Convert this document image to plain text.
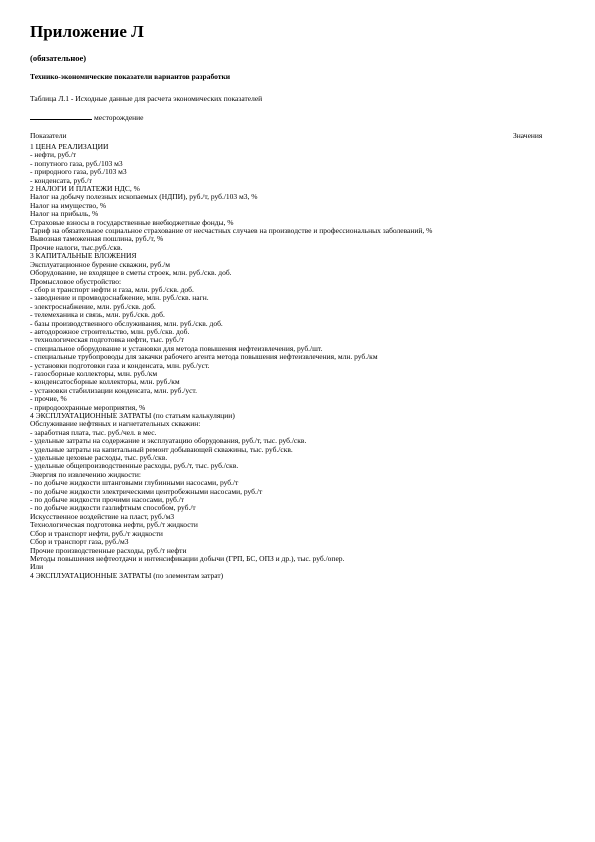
Приложение Л
(обязательное)
Технико-экономические показатели вариантов разработки
Таблица Л.1 - Исходные данные для расчета экономических показателей
месторождение
Показатели	Значения
1 ЦЕНА РЕАЛИЗАЦИИ
- нефти, руб./т
- попутного газа, руб./103 м3
- природного газа, руб./103 м3
- конденсата, руб./т
2 НАЛОГИ И ПЛАТЕЖИ НДС, %
Налог на добычу полезных ископаемых (НДПИ), руб./т, руб./103 м3, %
Налог на имущество, %
Налог на прибыль, %
Страховые взносы в государственные внебюджетные фонды, %
Тариф на обязательное социальное страхование от несчастных случаев на производстве и профессиональных заболеваний, %
Вывозная таможенная пошлина, руб./т, %
Прочие налоги, тыс.руб./скв.
3 КАПИТАЛЬНЫЕ ВЛОЖЕНИЯ
Эксплуатационное бурение скважин, руб./м
Оборудование, не входящее в сметы строек, млн. руб./скв. доб.
Промысловое обустройство:
- сбор и транспорт нефти и газа, млн. руб./скв. доб.
- заводнение и промводоснабжение, млн. руб./скв. нагн.
- электроснабжение, млн. руб./скв. доб.
- телемеханика и связь, млн. руб./скв. доб.
- базы производственного обслуживания, млн. руб./скв. доб.
- автодорожное строительство, млн. руб./скв. доб.
- технологическая подготовка нефти, тыс. руб./т
- специальное оборудование и установки для метода повышения нефтеизвлечения, руб./шт.
- специальные трубопроводы для закачки рабочего агента метода повышения нефтеизвлечения, млн. руб./км
- установки подготовки газа и конденсата, млн. руб./уст.
- газосборные коллекторы, млн. руб./км
- конденсатосборные коллекторы, млн. руб./км
- установки стабилизации конденсата, млн. руб./уст.
- прочие, %
- природоохранные мероприятия, %
4 ЭКСПЛУАТАЦИОННЫЕ ЗАТРАТЫ (по статьям калькуляции)
Обслуживание нефтяных и нагнетательных скважин:
- заработная плата, тыс. руб./чел. в мес.
- удельные затраты на содержание и эксплуатацию оборудования, руб./т, тыс. руб./скв.
- удельные затраты на капитальный ремонт добывающей скважины, тыс. руб./скв.
- удельные цеховые расходы, тыс. руб./скв.
- удельные общепроизводственные расходы, руб./т, тыс. руб./скв.
Энергия по извлечению жидкости:
- по добыче жидкости штанговыми глубинными насосами, руб./т
- по добыче жидкости электрическими центробежными насосами, руб./т
- по добыче жидкости прочими насосами, руб./т
- по добыче жидкости газлифтным способом, руб./т
Искусственное воздействие на пласт, руб./м3
Технологическая подготовка нефти, руб./т жидкости
Сбор и транспорт нефти, руб./т жидкости
Сбор и транспорт газа, руб./м3
Прочие производственные расходы, руб./т нефти
Методы повышения нефтеотдачи и интенсификации добычи (ГРП, БС, ОПЗ и др.), тыс. руб./опер.
Или
4 ЭКСПЛУАТАЦИОННЫЕ ЗАТРАТЫ (по элементам затрат)
